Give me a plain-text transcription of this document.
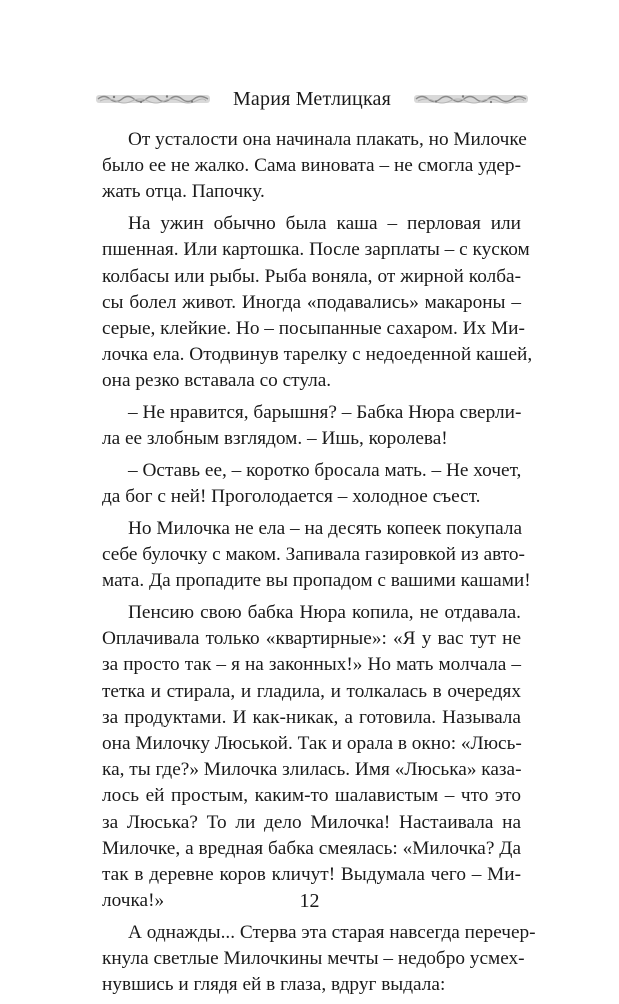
Мария Метлицкая

От усталости она начинала плакать, но Милочке
было ее не жалко. Сама виновата – не смогла удер-
жать отца. Папочку.

На ужин обычно была каша – перловая или
пшенная. Или картошка. После зарплаты – с куском
колбасы или рыбы. Рыба воняла, от жирной колба-
сы болел живот. Иногда «подавались» макароны –
серые, клейкие. Но – посыпанные сахаром. Их Ми-
лочка ела. Отодвинув тарелку с недоеденной кашей,
она резко вставала со стула.

– Не нравится, барышня? – Бабка Нюра сверли-
ла ее злобным взглядом. – Ишь, королева!

– Оставь ее, – коротко бросала мать. – Не хочет,
да бог с ней! Проголодается – холодное съест.

Но Милочка не ела – на десять копеек покупала
себе булочку с маком. Запивала газировкой из авто-
мата. Да пропадите вы пропадом с вашими кашами!

Пенсию свою бабка Нюра копила, не отдавала.
Оплачивала только «квартирные»: «Я у вас тут не
за просто так – я на законных!» Но мать молчала –
тетка и стирала, и гладила, и толкалась в очередях
за продуктами. И как-никак, а готовила. Называла
она Милочку Люськой. Так и орала в окно: «Люсь-
ка, ты где?» Милочка злилась. Имя «Люська» каза-
лось ей простым, каким-то шалавистым – что это
за Люська? То ли дело Милочка! Настаивала на
Милочке, а вредная бабка смеялась: «Милочка? Да
так в деревне коров кличут! Выдумала чего – Ми-
лочка!»

А однажды... Стерва эта старая навсегда перечер-
кнула светлые Милочкины мечты – недобро усмех-
нувшись и глядя ей в глаза, вдруг выдала:

12
